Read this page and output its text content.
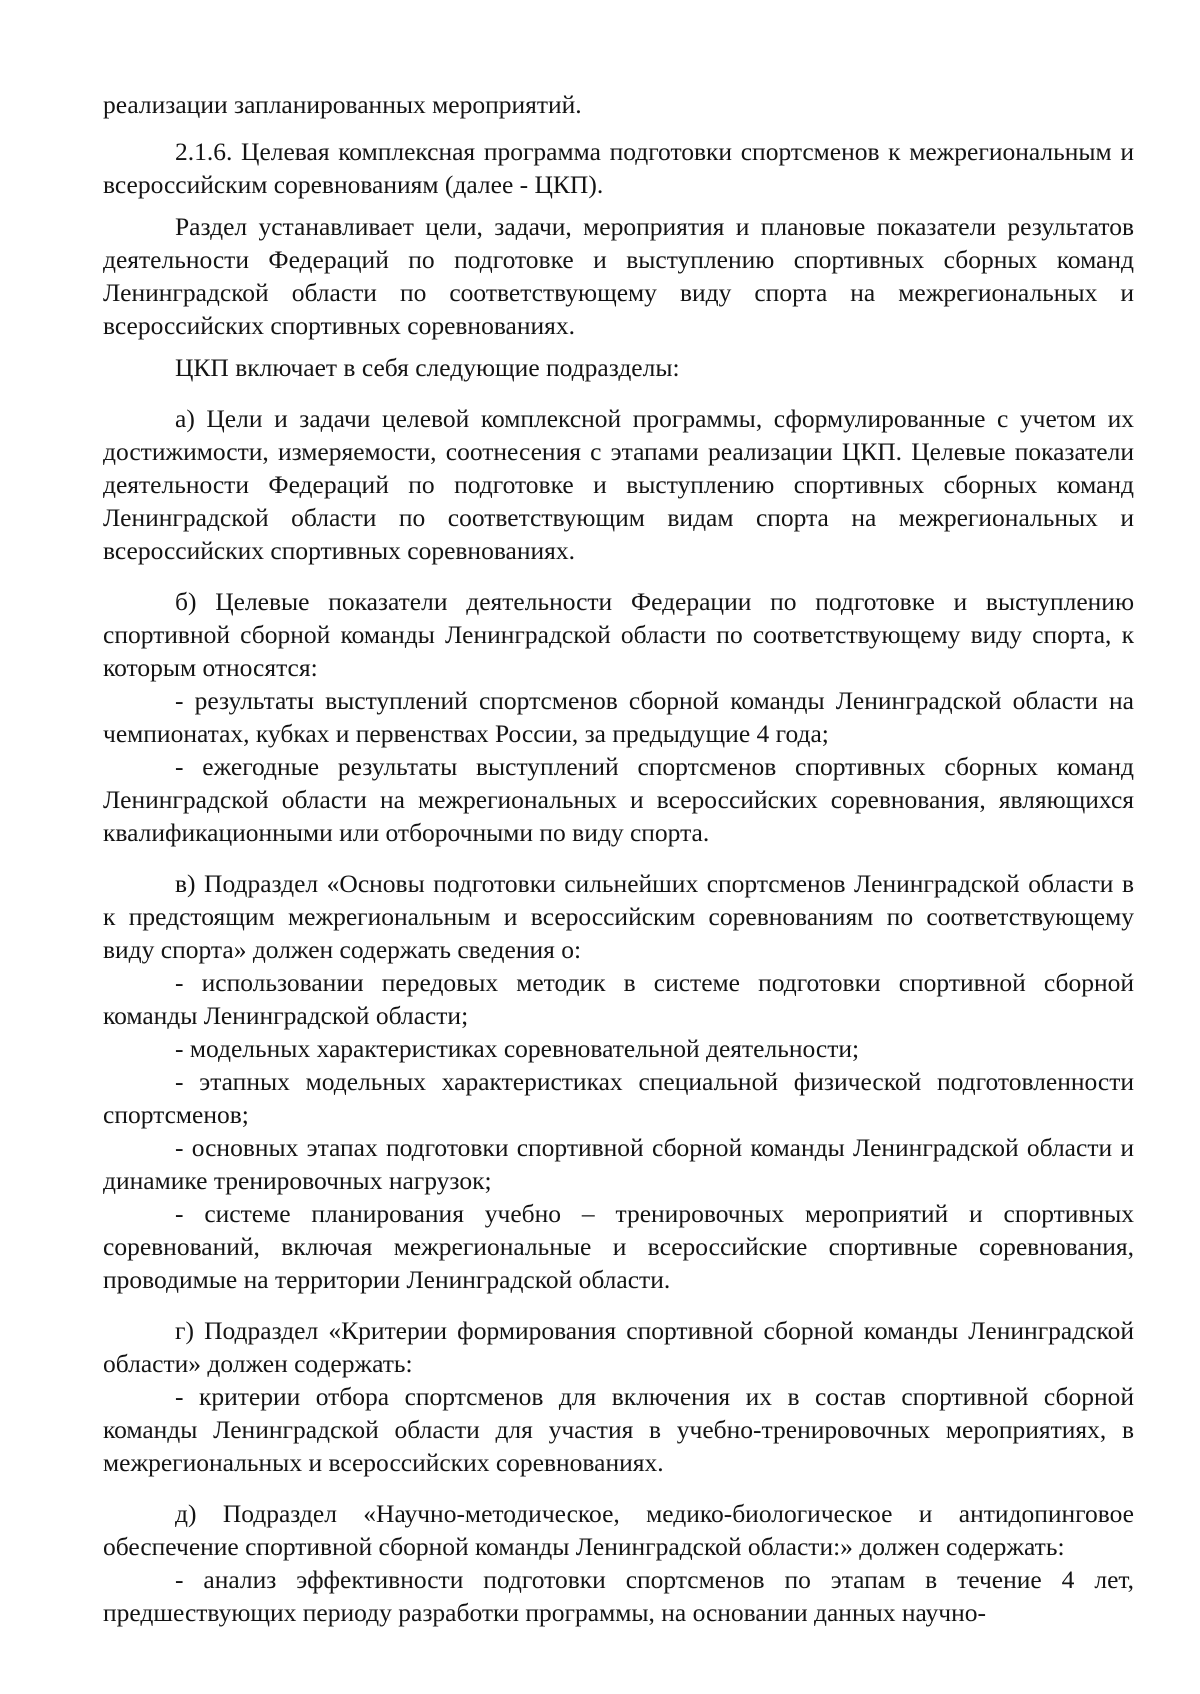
реализации запланированных мероприятий.

2.1.6. Целевая комплексная программа подготовки спортсменов к межрегиональным и всероссийским соревнованиям (далее - ЦКП).

Раздел устанавливает цели, задачи, мероприятия и плановые показатели результатов деятельности Федераций по подготовке и выступлению спортивных сборных команд Ленинградской области по соответствующему виду спорта на межрегиональных и всероссийских спортивных соревнованиях.

ЦКП включает в себя следующие подразделы:

а) Цели и задачи целевой комплексной программы, сформулированные с учетом их достижимости, измеряемости, соотнесения с этапами реализации ЦКП. Целевые показатели деятельности Федераций по подготовке и выступлению спортивных сборных команд Ленинградской области по соответствующим видам спорта на межрегиональных и всероссийских спортивных соревнованиях.

б) Целевые показатели деятельности Федерации по подготовке и выступлению спортивной сборной команды Ленинградской области по соответствующему виду спорта, к которым относятся:

- результаты выступлений спортсменов сборной команды Ленинградской области на чемпионатах, кубках и первенствах России, за предыдущие 4 года;

- ежегодные результаты выступлений спортсменов спортивных сборных команд Ленинградской области на межрегиональных и всероссийских соревнования, являющихся квалификационными или отборочными по виду спорта.

в) Подраздел «Основы подготовки сильнейших спортсменов Ленинградской области в к предстоящим межрегиональным и всероссийским соревнованиям по соответствующему виду спорта» должен содержать сведения о:

- использовании передовых методик в системе подготовки спортивной сборной команды Ленинградской области;

- модельных характеристиках соревновательной деятельности;

- этапных модельных характеристиках специальной физической подготовленности спортсменов;

- основных этапах подготовки спортивной сборной команды Ленинградской области и динамике тренировочных нагрузок;

- системе планирования учебно – тренировочных мероприятий и спортивных соревнований, включая межрегиональные и всероссийские спортивные соревнования, проводимые на территории Ленинградской области.

г) Подраздел «Критерии формирования спортивной сборной команды Ленинградской области» должен содержать:

- критерии отбора спортсменов для включения их в состав спортивной сборной команды Ленинградской области для участия в учебно-тренировочных мероприятиях, в межрегиональных и всероссийских соревнованиях.

д) Подраздел «Научно-методическое, медико-биологическое и антидопинговое обеспечение спортивной сборной команды Ленинградской области:» должен содержать:

- анализ эффективности подготовки спортсменов по этапам в течение 4 лет, предшествующих периоду разработки программы, на основании данных научно-
